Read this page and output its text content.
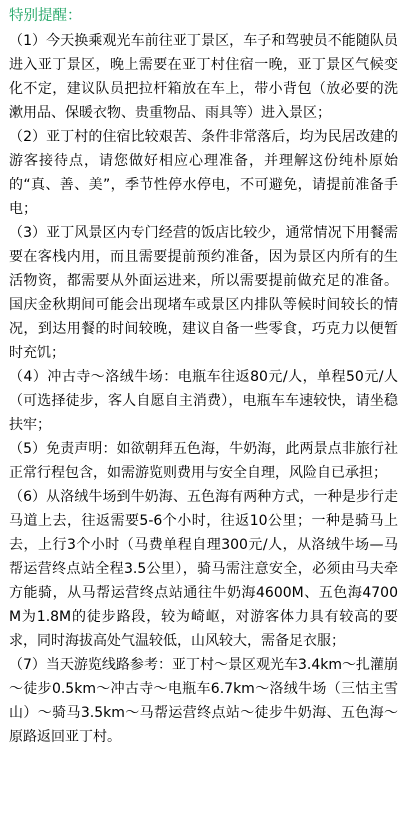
特别提醒：

（1）今天换乘观光车前往亚丁景区，车子和驾驶员不能随队员进入亚丁景区，晚上需要在亚丁村住宿一晚，亚丁景区气候变化不定，建议队员把拉杆箱放在车上，带小背包（放必要的洗漱用品、保暖衣物、贵重物品、雨具等）进入景区；

（2）亚丁村的住宿比较艰苦、条件非常落后，均为民居改建的游客接待点，请您做好相应心理准备，并理解这份纯朴原始的“真、善、美”，季节性停水停电，不可避免，请提前准备手电；

（3）亚丁风景区内专门经营的饭店比较少，通常情况下用餐需要在客栈内用，而且需要提前预约准备，因为景区内所有的生活物资，都需要从外面运进来，所以需要提前做充足的准备。国庆金秋期间可能会出现堵车或景区内排队等候时间较长的情况，到达用餐的时间较晚，建议自备一些零食，巧克力以便暂时充饥；

（4）冲古寺～洛绒牛场：电瓶车往返80元/人，单程50元/人（可选择徒步，客人自愿自主消费），电瓶车车速较快，请坐稳扶牢；

（5）免责声明：如欲朝拜五色海，牛奶海，此两景点非旅行社正常行程包含，如需游览则费用与安全自理，风险自已承担；

（6）从洛绒牛场到牛奶海、五色海有两种方式，一种是步行走马道上去，往返需要5-6个小时，往返10公里；一种是骑马上去，上行3个小时（马费单程自理300元/人，从洛绒牛场—马帮运营终点站全程3.5公里），骑马需注意安全，必须由马夫牵方能骑，从马帮运营终点站通往牛奶海4600M、五色海4700M为1.8M的徒步路段，较为崎岖，对游客体力具有较高的要求，同时海拔高处气温较低，山风较大，需备足衣服；

（7）当天游览线路参考：亚丁村～景区观光车3.4km～扎灌崩～徒步0.5km～冲古寺～电瓶车6.7km～洛绒牛场（三怙主雪山）～骑马3.5km～马帮运营终点站～徒步牛奶海、五色海～原路返回亚丁村。
